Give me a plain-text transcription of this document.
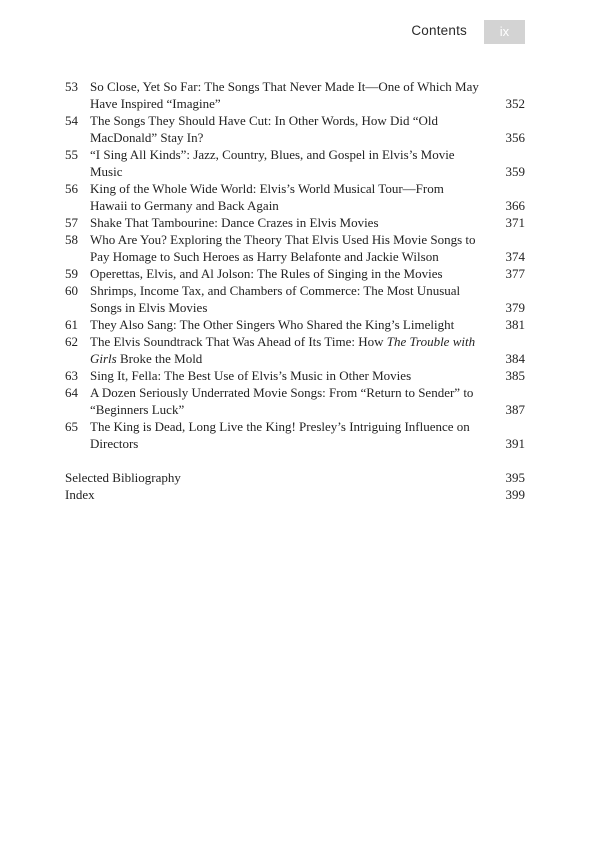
Contents	ix
53 So Close, Yet So Far: The Songs That Never Made It—One of Which May Have Inspired “Imagine”	352
54 The Songs They Should Have Cut: In Other Words, How Did “Old MacDonald” Stay In?	356
55 “I Sing All Kinds”: Jazz, Country, Blues, and Gospel in Elvis’s Movie Music	359
56 King of the Whole Wide World: Elvis’s World Musical Tour—From Hawaii to Germany and Back Again	366
57 Shake That Tambourine: Dance Crazes in Elvis Movies	371
58 Who Are You? Exploring the Theory That Elvis Used His Movie Songs to Pay Homage to Such Heroes as Harry Belafonte and Jackie Wilson	374
59 Operettas, Elvis, and Al Jolson: The Rules of Singing in the Movies	377
60 Shrimps, Income Tax, and Chambers of Commerce: The Most Unusual Songs in Elvis Movies	379
61 They Also Sang: The Other Singers Who Shared the King’s Limelight	381
62 The Elvis Soundtrack That Was Ahead of Its Time: How The Trouble with Girls Broke the Mold	384
63 Sing It, Fella: The Best Use of Elvis’s Music in Other Movies	385
64 A Dozen Seriously Underrated Movie Songs: From “Return to Sender” to “Beginners Luck”	387
65 The King is Dead, Long Live the King! Presley’s Intriguing Influence on Directors	391
Selected Bibliography	395
Index	399
